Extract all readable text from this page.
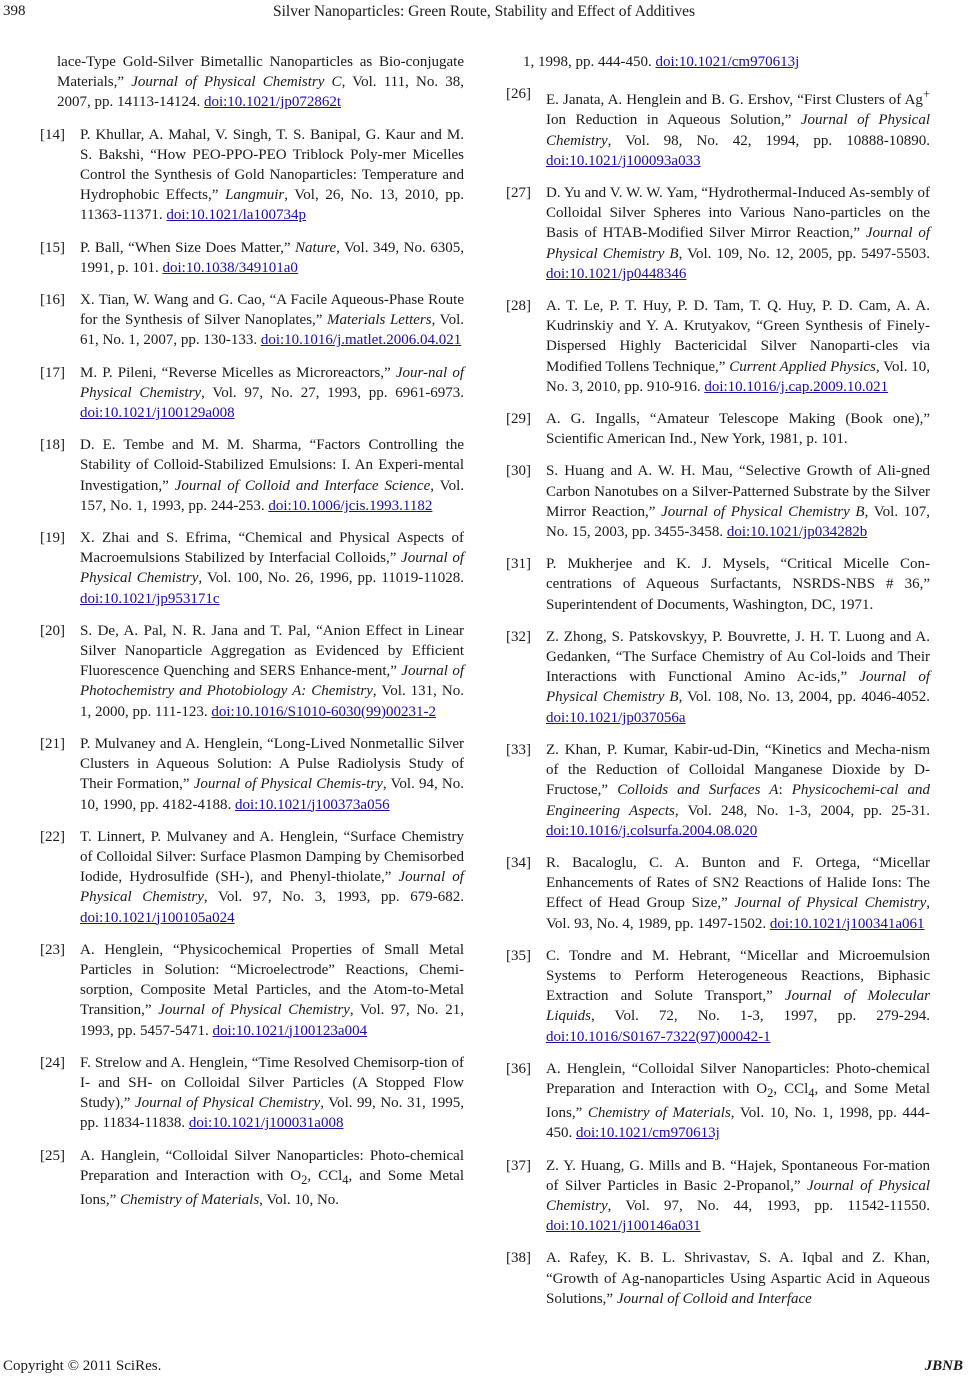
398	Silver Nanoparticles: Green Route, Stability and Effect of Additives
lace-Type Gold-Silver Bimetallic Nanoparticles as Bio-conjugate Materials,” Journal of Physical Chemistry C, Vol. 111, No. 38, 2007, pp. 14113-14124. doi:10.1021/jp072862t
[14] P. Khullar, A. Mahal, V. Singh, T. S. Banipal, G. Kaur and M. S. Bakshi, “How PEO-PPO-PEO Triblock Poly-mer Micelles Control the Synthesis of Gold Nanoparticles: Temperature and Hydrophobic Effects,” Langmuir, Vol, 26, No. 13, 2010, pp. 11363-11371. doi:10.1021/la100734p
[15] P. Ball, “When Size Does Matter,” Nature, Vol. 349, No. 6305, 1991, p. 101. doi:10.1038/349101a0
[16] X. Tian, W. Wang and G. Cao, “A Facile Aqueous-Phase Route for the Synthesis of Silver Nanoplates,” Materials Letters, Vol. 61, No. 1, 2007, pp. 130-133. doi:10.1016/j.matlet.2006.04.021
[17] M. P. Pileni, “Reverse Micelles as Microreactors,” Jour-nal of Physical Chemistry, Vol. 97, No. 27, 1993, pp. 6961-6973. doi:10.1021/j100129a008
[18] D. E. Tembe and M. M. Sharma, “Factors Controlling the Stability of Colloid-Stabilized Emulsions: I. An Experi-mental Investigation,” Journal of Colloid and Interface Science, Vol. 157, No. 1, 1993, pp. 244-253. doi:10.1006/jcis.1993.1182
[19] X. Zhai and S. Efrima, “Chemical and Physical Aspects of Macroemulsions Stabilized by Interfacial Colloids,” Journal of Physical Chemistry, Vol. 100, No. 26, 1996, pp. 11019-11028. doi:10.1021/jp953171c
[20] S. De, A. Pal, N. R. Jana and T. Pal, “Anion Effect in Linear Silver Nanoparticle Aggregation as Evidenced by Efficient Fluorescence Quenching and SERS Enhance-ment,” Journal of Photochemistry and Photobiology A: Chemistry, Vol. 131, No. 1, 2000, pp. 111-123. doi:10.1016/S1010-6030(99)00231-2
[21] P. Mulvaney and A. Henglein, “Long-Lived Nonmetallic Silver Clusters in Aqueous Solution: A Pulse Radiolysis Study of Their Formation,” Journal of Physical Chemis-try, Vol. 94, No. 10, 1990, pp. 4182-4188. doi:10.1021/j100373a056
[22] T. Linnert, P. Mulvaney and A. Henglein, “Surface Chemistry of Colloidal Silver: Surface Plasmon Damping by Chemisorbed Iodide, Hydrosulfide (SH-), and Phenyl-thiolate,” Journal of Physical Chemistry, Vol. 97, No. 3, 1993, pp. 679-682. doi:10.1021/j100105a024
[23] A. Henglein, “Physicochemical Properties of Small Metal Particles in Solution: “Microelectrode” Reactions, Chemi-sorption, Composite Metal Particles, and the Atom-to-Metal Transition,” Journal of Physical Chemistry, Vol. 97, No. 21, 1993, pp. 5457-5471. doi:10.1021/j100123a004
[24] F. Strelow and A. Henglein, “Time Resolved Chemisorp-tion of I- and SH- on Colloidal Silver Particles (A Stopped Flow Study),” Journal of Physical Chemistry, Vol. 99, No. 31, 1995, pp. 11834-11838. doi:10.1021/j100031a008
[25] A. Hanglein, “Colloidal Silver Nanoparticles: Photo-chemical Preparation and Interaction with $O_2$, CCl$_4$, and Some Metal Ions,” Chemistry of Materials, Vol. 10, No.
1, 1998, pp. 444-450. doi:10.1021/cm970613j
[26] E. Janata, A. Henglein and B. G. Ershov, “First Clusters of Ag+ Ion Reduction in Aqueous Solution,” Journal of Physical Chemistry, Vol. 98, No. 42, 1994, pp. 10888-10890. doi:10.1021/j100093a033
[27] D. Yu and V. W. W. Yam, “Hydrothermal-Induced As-sembly of Colloidal Silver Spheres into Various Nano-particles on the Basis of HTAB-Modified Silver Mirror Reaction,” Journal of Physical Chemistry B, Vol. 109, No. 12, 2005, pp. 5497-5503. doi:10.1021/jp0448346
[28] A. T. Le, P. T. Huy, P. D. Tam, T. Q. Huy, P. D. Cam, A. A. Kudrinskiy and Y. A. Krutyakov, “Green Synthesis of Finely-Dispersed Highly Bactericidal Silver Nanoparti-cles via Modified Tollens Technique,” Current Applied Physics, Vol. 10, No. 3, 2010, pp. 910-916. doi:10.1016/j.cap.2009.10.021
[29] A. G. Ingalls, “Amateur Telescope Making (Book one),” Scientific American Ind., New York, 1981, p. 101.
[30] S. Huang and A. W. H. Mau, “Selective Growth of Ali-gned Carbon Nanotubes on a Silver-Patterned Substrate by the Silver Mirror Reaction,” Journal of Physical Chemistry B, Vol. 107, No. 15, 2003, pp. 3455-3458. doi:10.1021/jp034282b
[31] P. Mukherjee and K. J. Mysels, “Critical Micelle Con-centrations of Aqueous Surfactants, NSRDS-NBS # 36,” Superintendent of Documents, Washington, DC, 1971.
[32] Z. Zhong, S. Patskovskyy, P. Bouvrette, J. H. T. Luong and A. Gedanken, “The Surface Chemistry of Au Col-loids and Their Interactions with Functional Amino Ac-ids,” Journal of Physical Chemistry B, Vol. 108, No. 13, 2004, pp. 4046-4052. doi:10.1021/jp037056a
[33] Z. Khan, P. Kumar, Kabir-ud-Din, “Kinetics and Mecha-nism of the Reduction of Colloidal Manganese Dioxide by D-Fructose,” Colloids and Surfaces A: Physicochemi-cal and Engineering Aspects, Vol. 248, No. 1-3, 2004, pp. 25-31. doi:10.1016/j.colsurfa.2004.08.020
[34] R. Bacaloglu, C. A. Bunton and F. Ortega, “Micellar Enhancements of Rates of SN2 Reactions of Halide Ions: The Effect of Head Group Size,” Journal of Physical Chemistry, Vol. 93, No. 4, 1989, pp. 1497-1502. doi:10.1021/j100341a061
[35] C. Tondre and M. Hebrant, “Micellar and Microemulsion Systems to Perform Heterogeneous Reactions, Biphasic Extraction and Solute Transport,” Journal of Molecular Liquids, Vol. 72, No. 1-3, 1997, pp. 279-294. doi:10.1016/S0167-7322(97)00042-1
[36] A. Henglein, “Colloidal Silver Nanoparticles: Photo-chemical Preparation and Interaction with $O_2$, CCl$_4$, and Some Metal Ions,” Chemistry of Materials, Vol. 10, No. 1, 1998, pp. 444-450. doi:10.1021/cm970613j
[37] Z. Y. Huang, G. Mills and B. “Hajek, Spontaneous For-mation of Silver Particles in Basic 2-Propanol,” Journal of Physical Chemistry, Vol. 97, No. 44, 1993, pp. 11542-11550. doi:10.1021/j100146a031
[38] A. Rafey, K. B. L. Shrivastav, S. A. Iqbal and Z. Khan, “Growth of Ag-nanoparticles Using Aspartic Acid in Aqueous Solutions,” Journal of Colloid and Interface
Copyright © 2011 SciRes.	JBNB
